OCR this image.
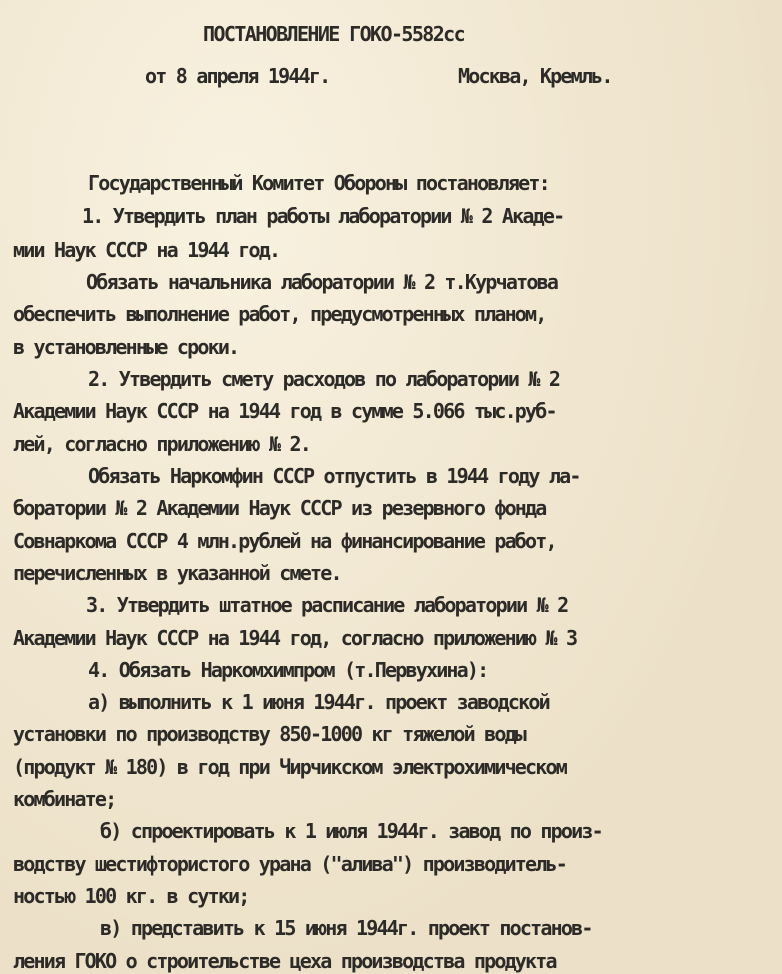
ПОСТАНОВЛЕНИЕ ГОКО-5582сс
от 8 апреля 1944г.	Москва, Кремль.
Государственный Комитет Обороны постановляет:
1. Утвердить план работы лаборатории № 2 Акаде-
мии Наук СССР на 1944 год.
Обязать начальника лаборатории № 2 т.Курчатова
обеспечить выполнение работ, предусмотренных планом,
в установленные сроки.
2. Утвердить смету расходов по лаборатории № 2
Академии Наук СССР на 1944 год в сумме 5.066 тыс.руб-
лей, согласно приложению № 2.
Обязать Наркомфин СССР отпустить в 1944 году ла-
боратории № 2 Академии Наук СССР из резервного фонда
Совнаркома СССР 4 млн.рублей на финансирование работ,
перечисленных в указанной смете.
3. Утвердить штатное расписание лаборатории № 2
Академии Наук СССР на 1944 год, согласно приложению № 3
4. Обязать Наркомхимпром (т.Первухина):
а) выполнить к 1 июня 1944г. проект заводской
установки по производству 850-1000 кг тяжелой воды
(продукт № 180) в год при Чирчикском электрохимическом
комбинате;
б) спроектировать к 1 июля 1944г. завод по произ-
водству шестифтористого урана ("алива") производитель-
ностью 100 кг. в сутки;
в) представить к 15 июня 1944г. проект постанов-
ления ГОКО о строительстве цеха производства продукта
